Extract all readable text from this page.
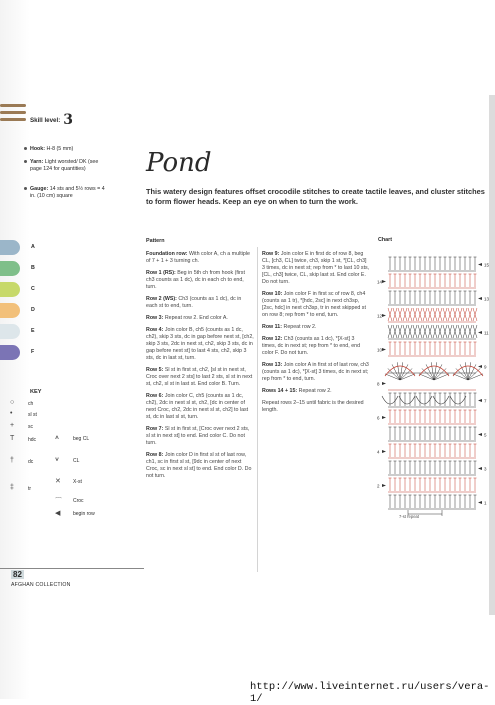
Skill level: 3
Hook: H-8 (5 mm)
Yarn: Light worsted/ DK (see page 124 for quantities)
Gauge: 14 sts and 5½ rows = 4 in. (10 cm) square
A
B
C
D
E
F
KEY
○	ch
•	sl st
+	sc
T	hdc
†	dc
‡	tr
⩚	beg CL
⩛	CL
✕ X-st
⌒ Croc
◀	begin row
82
AFGHAN COLLECTION
Pond
This watery design features offset crocodile stitches to create tactile leaves, and cluster stitches to form flower heads. Keep an eye on when to turn the work.
Pattern

Foundation row: With color A, ch a multiple of 7 + 1 + 3 turning ch.

Row 1 (RS): Beg in 5th ch from hook (first ch3 counts as 1 dc), dc in each ch to end, turn.

Row 2 (WS): Ch3 (counts as 1 dc), dc in each st to end, turn.

Row 3: Repeat row 2. End color A.

Row 4: Join color B, ch5 (counts as 1 dc, ch2), skip 3 sts, dc in gap before next st, [ch2, skip 3 sts, 2dc in next st, ch2, skip 3 sts, dc in gap before next st] to last 4 sts, ch2, skip 3 sts, dc in last st, turn.

Row 5: Sl st in first st, ch2, [sl st in next st, Croc over next 2 sts] to last 2 sts, sl st in next st, ch2, sl st in last st. End color B. Turn.

Row 6: Join color C, ch5 (counts as 1 dc, ch2), 2dc in next sl st, ch2, [dc in center of next Croc, ch2, 2dc in next sl st, ch2] to last st, dc in last sl st, turn.

Row 7: Sl st in first st, [Croc over next 2 sts, sl st in next st] to end. End color C. Do not turn.

Row 8: Join color D in first sl st of last row, ch1, sc in first sl st, [9dc in center of next Croc, sc in next sl st] to end. End color D. Do not turn.

Row 9: Join color E in first dc of row 8, beg CL, [ch3, CL] twice, ch3, skip 1 st, *[CL, ch3] 3 times, dc in next st; rep from * to last 10 sts, [CL, ch3] twice, CL, skip last st. End color E. Do not turn.

Row 10: Join color F in first sc of row 8, ch4 (counts as 1 tr), *[hdc, 2sc] in next ch3sp, [2sc, hdc] in next ch3sp, tr in next skipped st on row 8; rep from * to end, turn.

Row 11: Repeat row 2.

Row 12: Ch3 (counts as 1 dc), *[X-st] 3 times, dc in next st; rep from * to end, end color F. Do not turn.

Row 13: Join color A in first st of last row, ch3 (counts as 1 dc), *[X-st] 3 times, dc in next st; rep from * to end, turn.

Rows 14 + 15: Repeat row 2.

Repeat rows 2–15 until fabric is the desired length.

Chart
15
14
13
12
11
10
9
8
7
6
5
4
3
2
1
7-st repeat
http://www.liveinternet.ru/users/vera-1/
